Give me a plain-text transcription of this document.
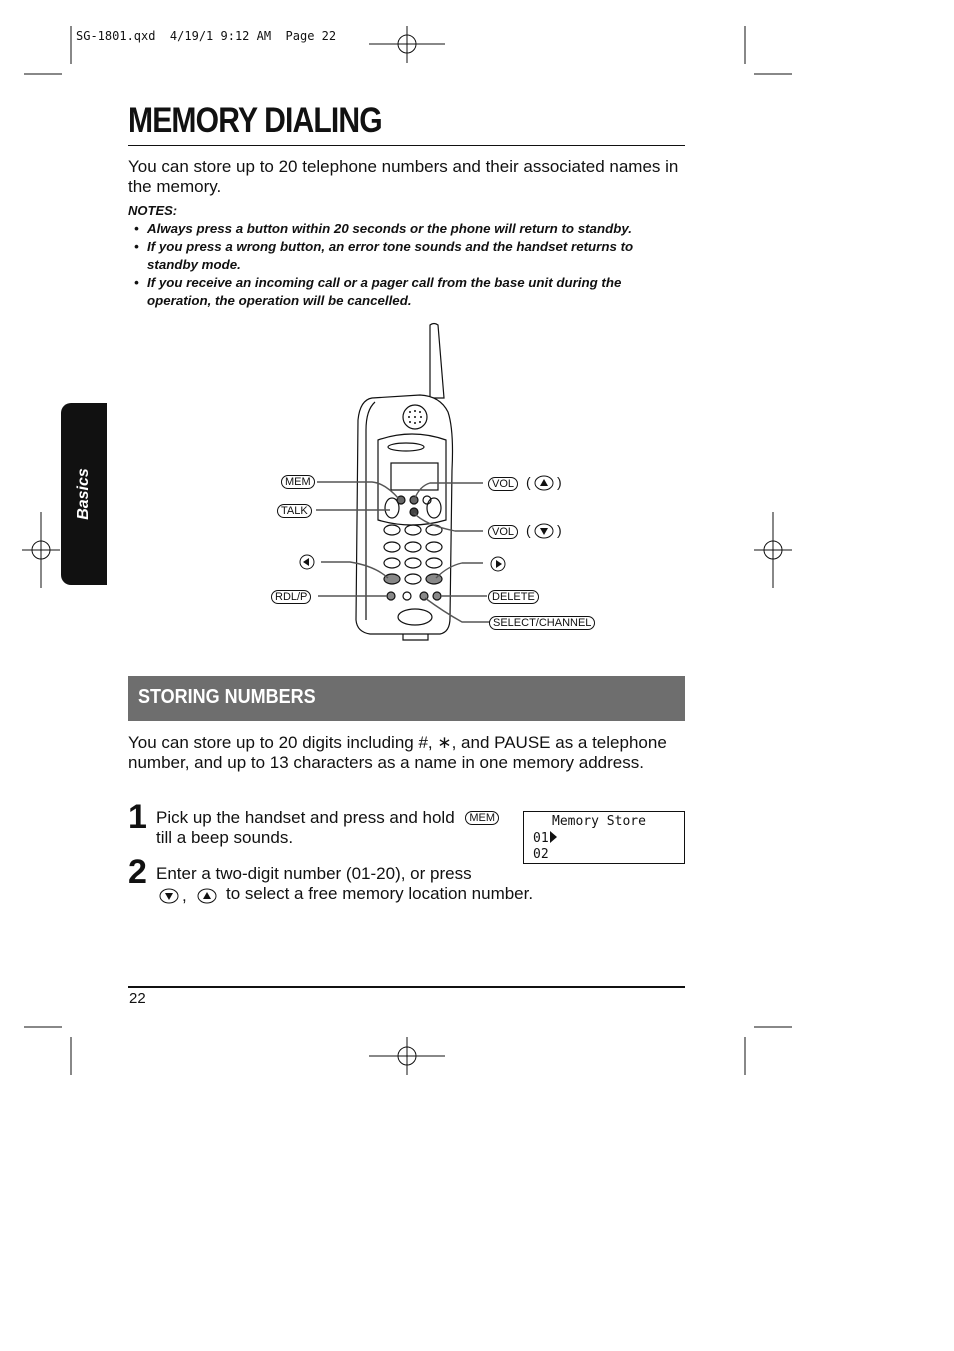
SG-1801.qxd  4/19/1 9:12 AM  Page 22
MEMORY DIALING
You can store up to 20 telephone numbers and their associated names in the memory.
NOTES:
• Always press a button within 20 seconds or the phone will return to standby.
• If you press a wrong button, an error tone sounds and the handset returns to standby mode.
• If you receive an incoming call or a pager call from the base unit during the operation, the operation will be cancelled.
Basics	MEM
TALK
RDL/P
VOL ( )
VOL ( )
DELETE
SELECT/CHANNEL
STORING NUMBERS
You can store up to 20 digits including #, ∗, and PAUSE as a telephone number, and up to 13 characters as a name in one memory address.
1 Pick up the handset and press and hold MEM
till a beep sounds.
Memory Store
01
02
2 Enter a two-digit number (01-20), or press
, to select a free memory location number.
22
